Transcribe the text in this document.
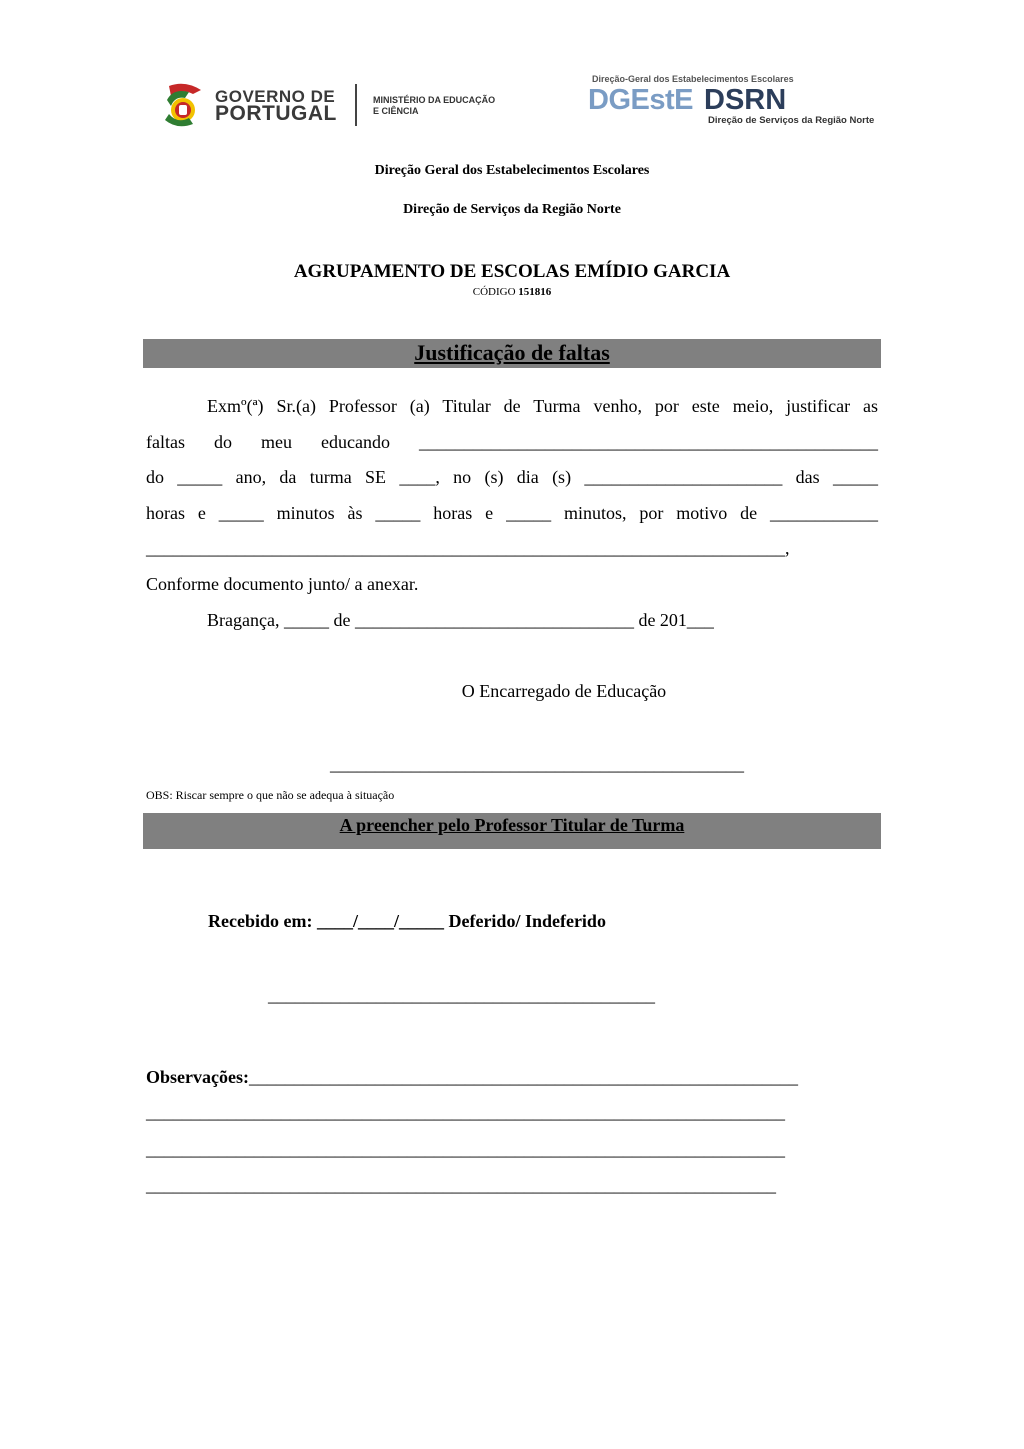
GOVERNO DE
PORTUGAL
MINISTÉRIO DA EDUCAÇÃO
E CIÊNCIA
Direção-Geral dos Estabelecimentos Escolares
DGEstE DSRN
Direção de Serviços da Região Norte
Direção Geral dos Estabelecimentos Escolares
Direção de Serviços da Região Norte
AGRUPAMENTO DE ESCOLAS EMÍDIO GARCIA
CÓDIGO 151816
Justificação de faltas
Exmº(ª) Sr.(a) Professor (a) Titular de Turma venho, por este meio, justificar as
faltas do meu educando ___________________________________________________
do _____ ano, da turma SE ____, no (s) dia (s) ______________________ das _____
horas e _____ minutos às _____ horas e _____ minutos, por motivo de ____________
_______________________________________________________________________,
Conforme documento junto/ a anexar.
Bragança, _____ de _______________________________ de 201___
O Encarregado de Educação
______________________________________________
OBS: Riscar sempre o que não se adequa à situação
A preencher pelo Professor Titular de Turma
Recebido em: ____/____/_____ Deferido/ Indeferido
___________________________________________
Observações:_____________________________________________________________
_______________________________________________________________________
_______________________________________________________________________
______________________________________________________________________
